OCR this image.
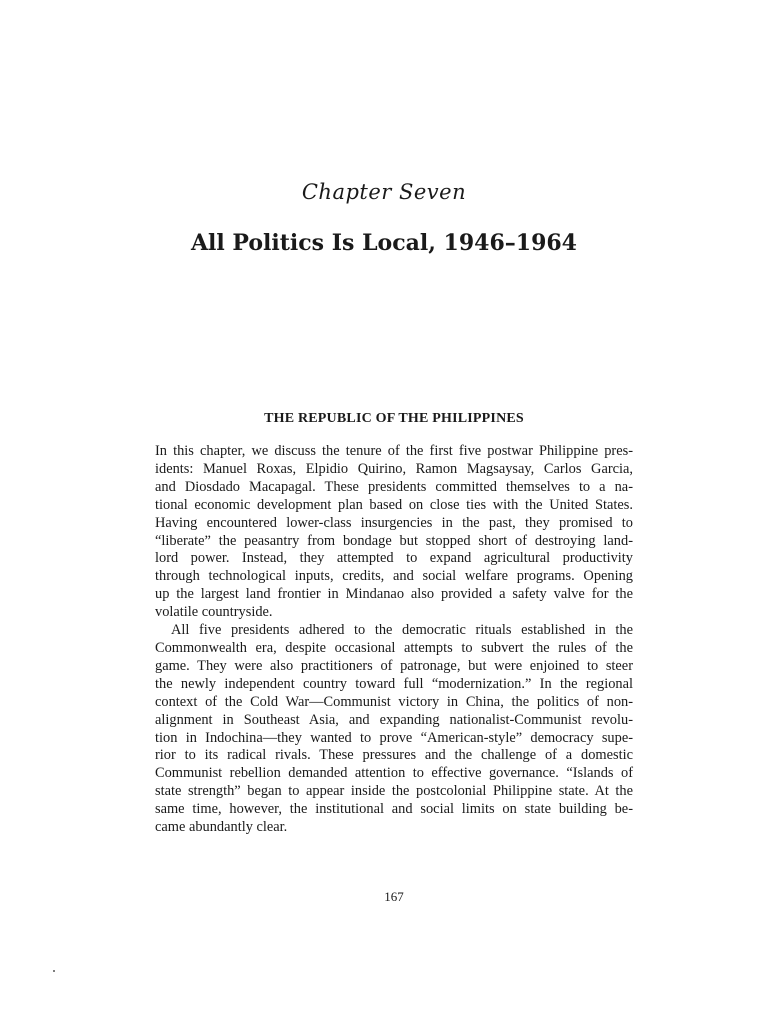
Chapter Seven
All Politics Is Local, 1946–1964
THE REPUBLIC OF THE PHILIPPINES

In this chapter, we discuss the tenure of the first five postwar Philippine pres-
idents: Manuel Roxas, Elpidio Quirino, Ramon Magsaysay, Carlos Garcia,
and Diosdado Macapagal. These presidents committed themselves to a na-
tional economic development plan based on close ties with the United States.
Having encountered lower-class insurgencies in the past, they promised to
“liberate” the peasantry from bondage but stopped short of destroying land-
lord power. Instead, they attempted to expand agricultural productivity
through technological inputs, credits, and social welfare programs. Opening
up the largest land frontier in Mindanao also provided a safety valve for the
volatile countryside.

All five presidents adhered to the democratic rituals established in the
Commonwealth era, despite occasional attempts to subvert the rules of the
game. They were also practitioners of patronage, but were enjoined to steer
the newly independent country toward full “modernization.” In the regional
context of the Cold War—Communist victory in China, the politics of non-
alignment in Southeast Asia, and expanding nationalist-Communist revolu-
tion in Indochina—they wanted to prove “American-style” democracy supe-
rior to its radical rivals. These pressures and the challenge of a domestic
Communist rebellion demanded attention to effective governance. “Islands of
state strength” began to appear inside the postcolonial Philippine state. At the
same time, however, the institutional and social limits on state building be-
came abundantly clear.

167
